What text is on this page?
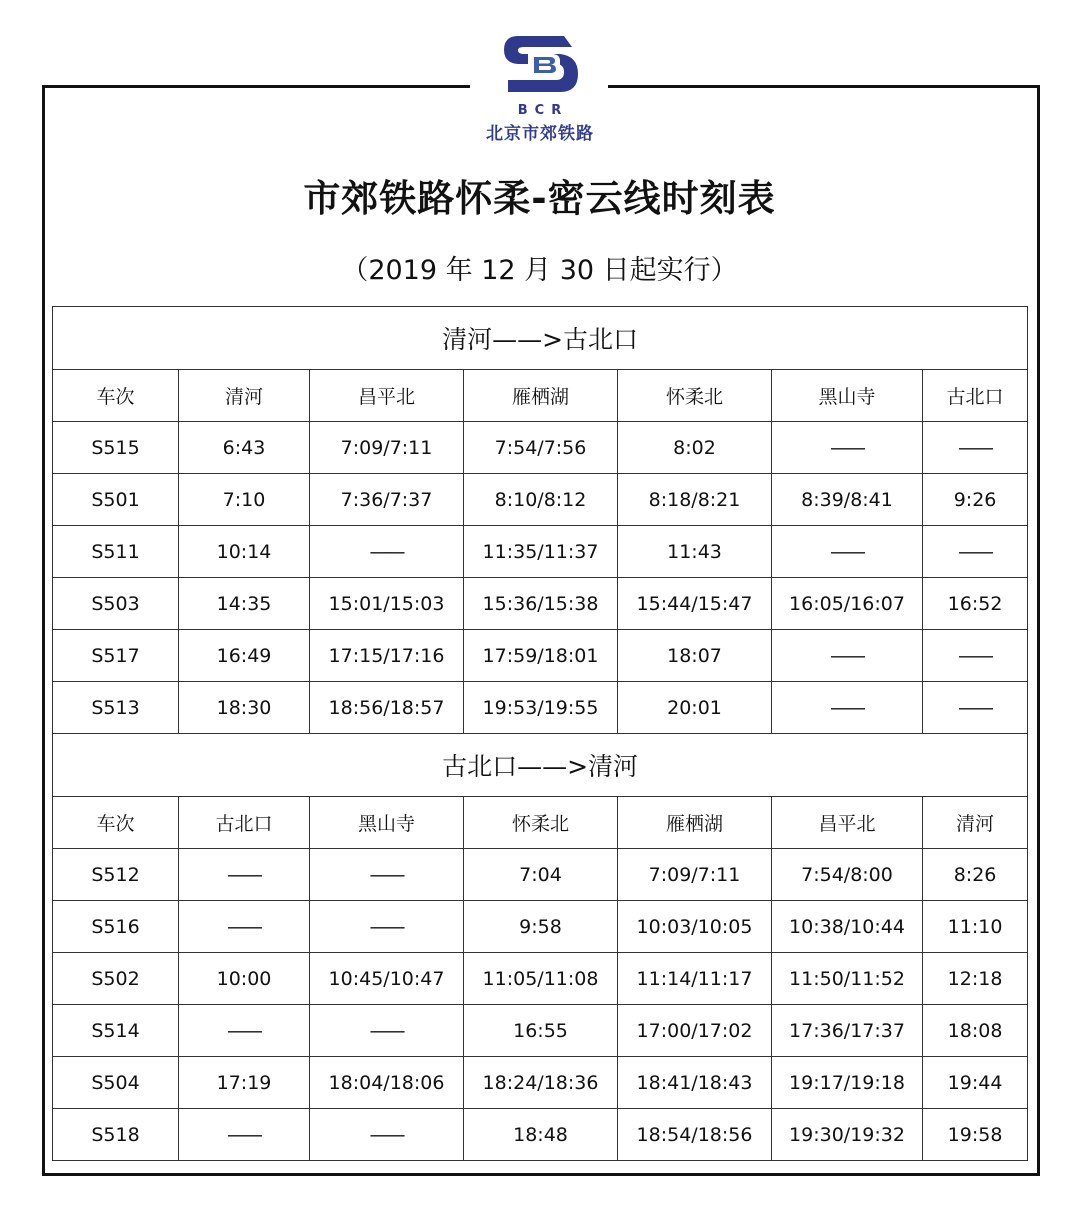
BCR
北京市郊铁路
市郊铁路怀柔-密云线时刻表
（2019 年 12 月 30 日起实行）
清河——>古北口						
车次	清河	昌平北	雁栖湖	怀柔北	黑山寺	古北口
S515	6:43	7:09/7:11	7:54/7:56	8:02	——	——
S501	7:10	7:36/7:37	8:10/8:12	8:18/8:21	8:39/8:41	9:26
S511	10:14	——	11:35/11:37	11:43	——	——
S503	14:35	15:01/15:03	15:36/15:38	15:44/15:47	16:05/16:07	16:52
S517	16:49	17:15/17:16	17:59/18:01	18:07	——	——
S513	18:30	18:56/18:57	19:53/19:55	20:01	——	——
古北口——>清河						
车次	古北口	黑山寺	怀柔北	雁栖湖	昌平北	清河
S512	——	——	7:04	7:09/7:11	7:54/8:00	8:26
S516	——	——	9:58	10:03/10:05	10:38/10:44	11:10
S502	10:00	10:45/10:47	11:05/11:08	11:14/11:17	11:50/11:52	12:18
S514	——	——	16:55	17:00/17:02	17:36/17:37	18:08
S504	17:19	18:04/18:06	18:24/18:36	18:41/18:43	19:17/19:18	19:44
S518	——	——	18:48	18:54/18:56	19:30/19:32	19:58
